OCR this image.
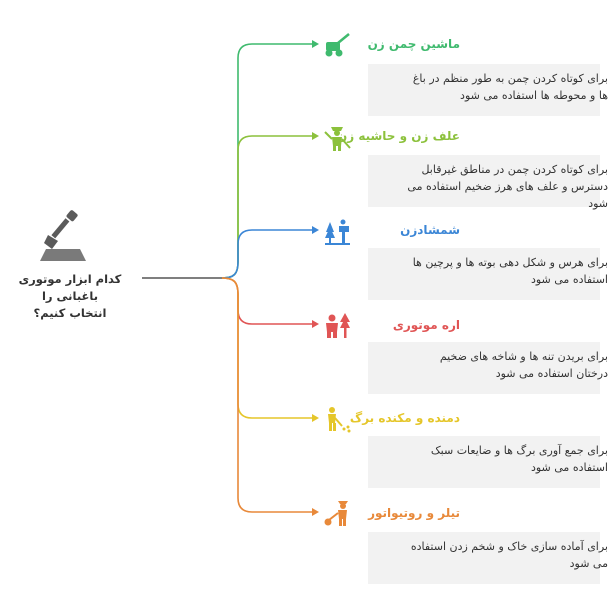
کدام ابزار موتوری باغبانی را
انتخاب کنیم؟
ماشین چمن زن
برای کوتاه کردن چمن به طور منظم در باغ
ها و محوطه ها استفاده می شود
علف زن و حاشیه زن
برای کوتاه کردن چمن در مناطق غیرقابل
دسترس و علف های هرز ضخیم استفاده می
شود
شمشادزن
برای هرس و شکل دهی بوته ها و پرچین ها
استفاده می شود
اره موتوری
برای بریدن تنه ها و شاخه های ضخیم
درختان استفاده می شود
دمنده و مکنده برگ
برای جمع آوری برگ ها و ضایعات سبک
استفاده می شود
تیلر و روتیواتور
برای آماده سازی خاک و شخم زدن استفاده
می شود
